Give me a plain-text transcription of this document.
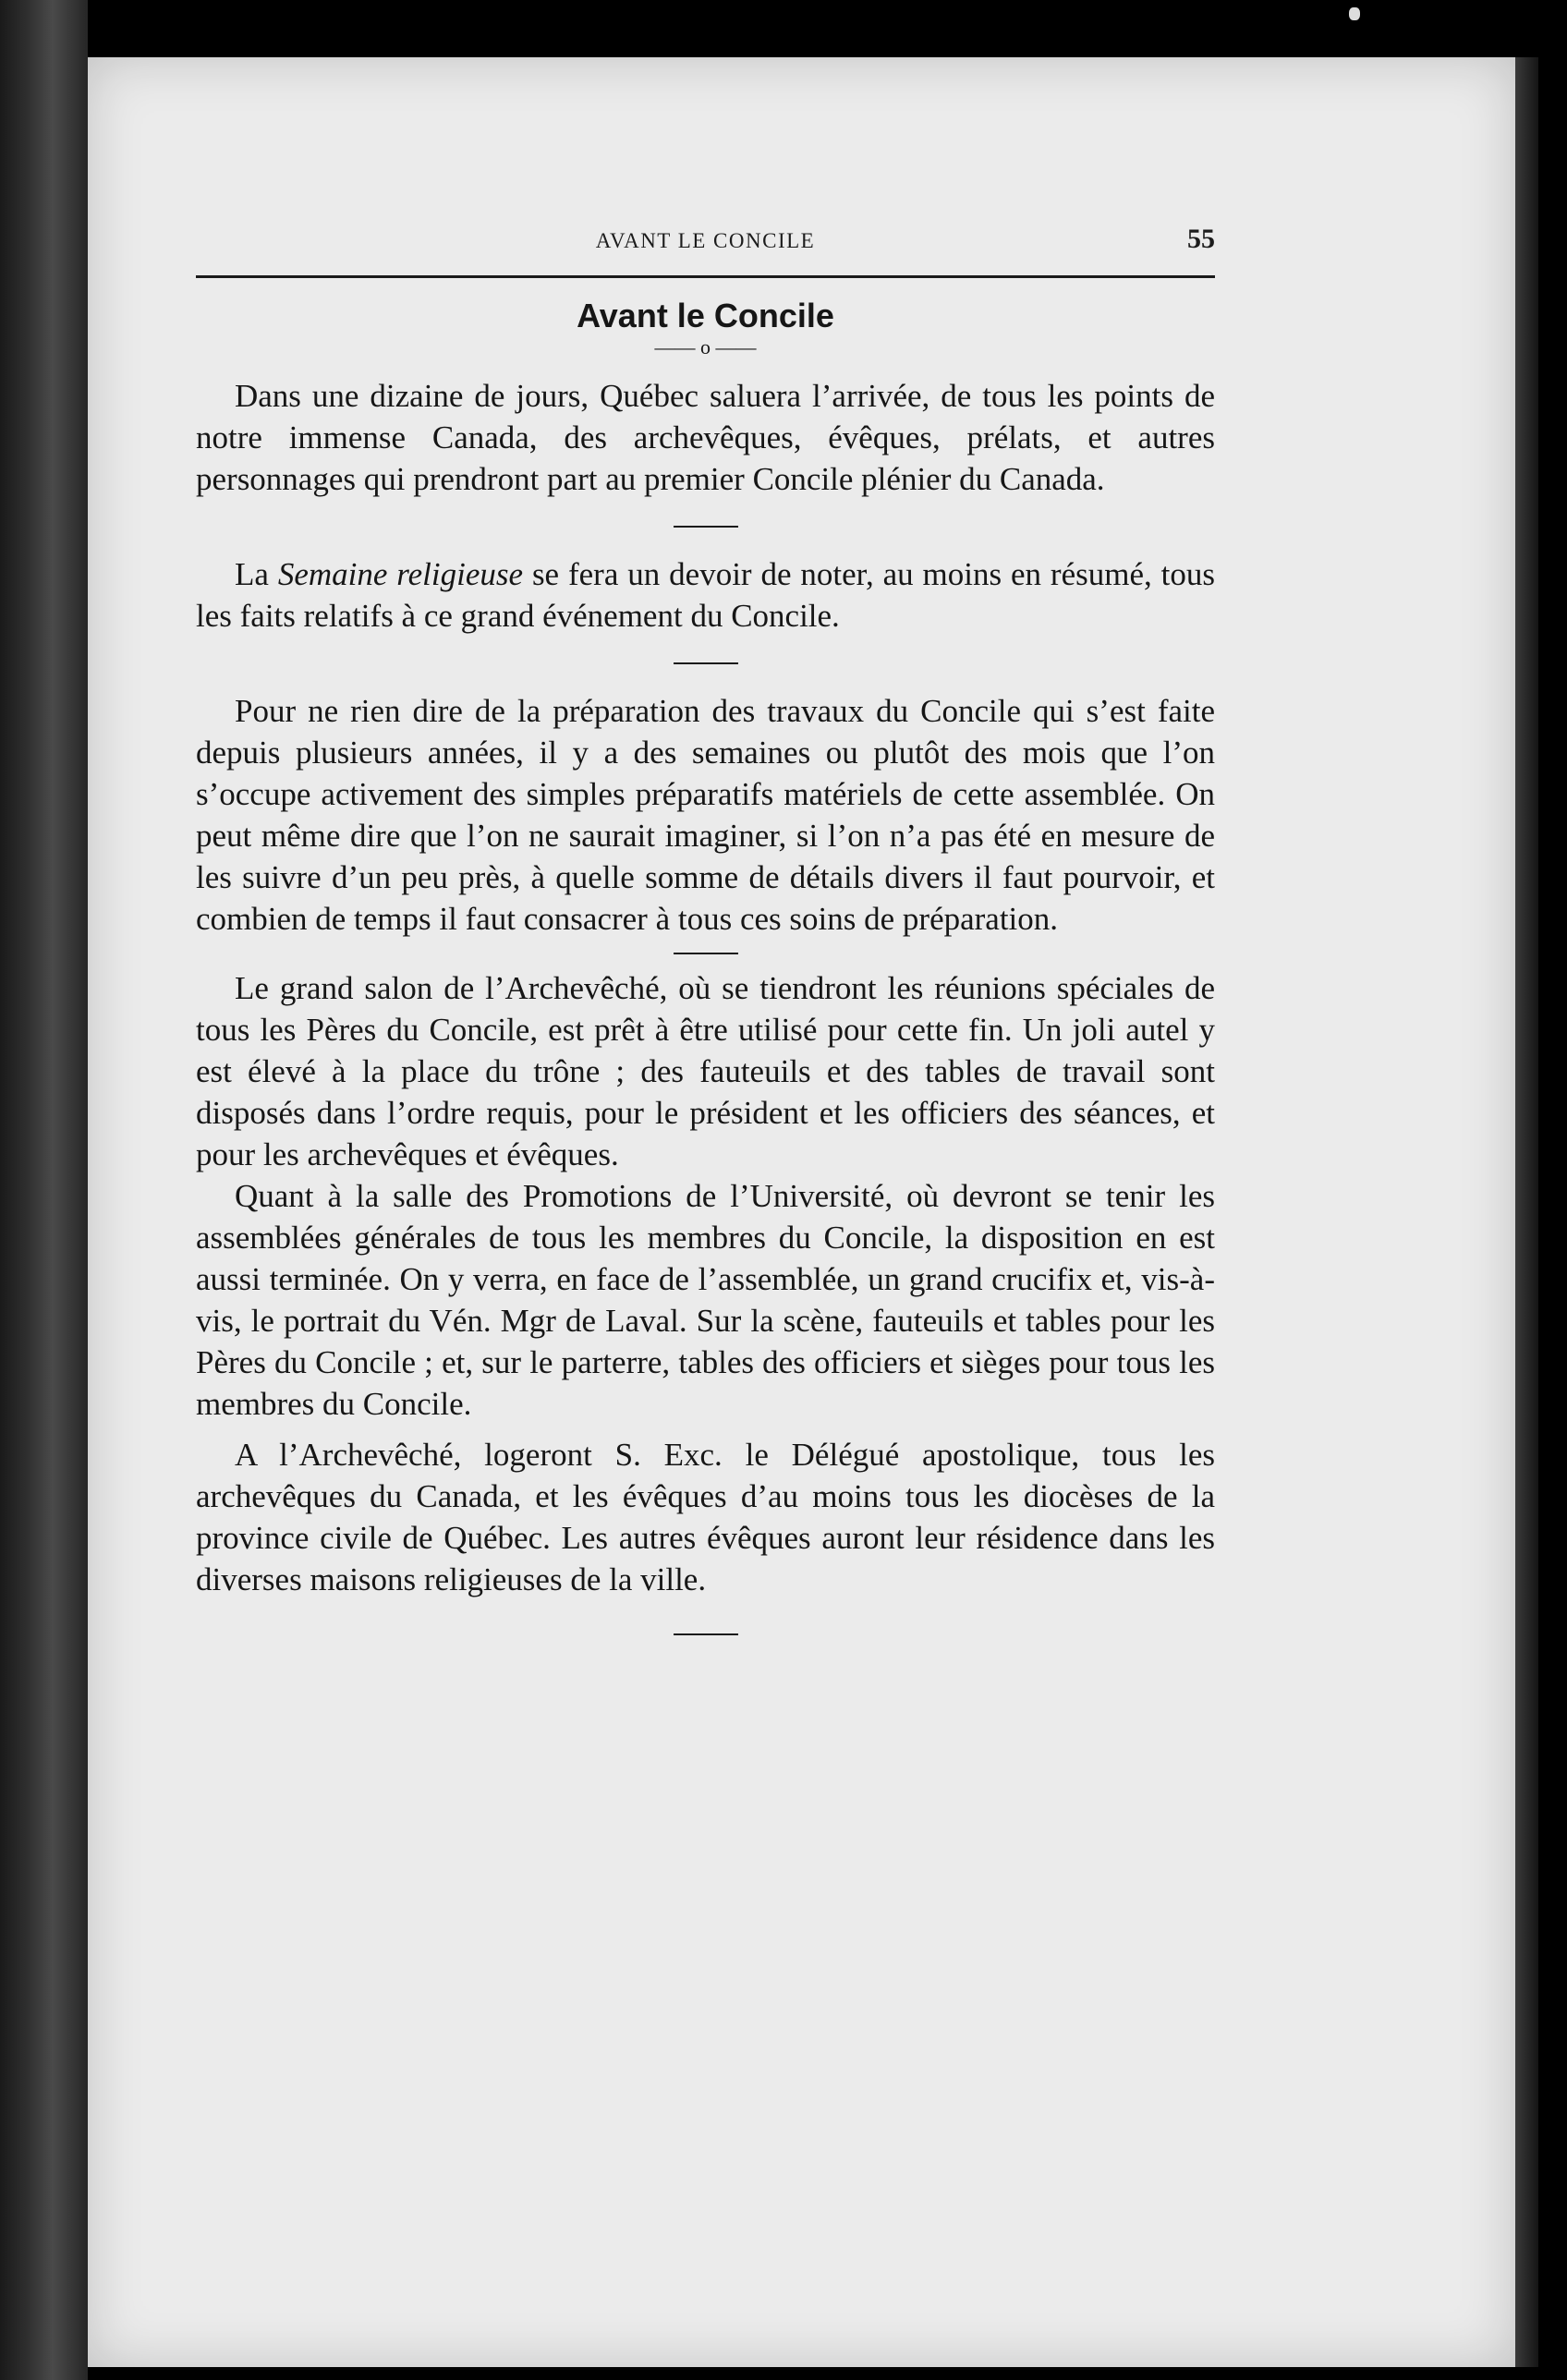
AVANT LE CONCILE	55
Avant le Concile
—— o ——

Dans une dizaine de jours, Québec saluera l’arrivée, de tous les points de notre immense Canada, des archevêques, évêques, prélats, et autres personnages qui prendront part au premier Concile plénier du Canada.

La Semaine religieuse se fera un devoir de noter, au moins en résumé, tous les faits relatifs à ce grand événement du Concile.

Pour ne rien dire de la préparation des travaux du Concile qui s’est faite depuis plusieurs années, il y a des semaines ou plutôt des mois que l’on s’occupe activement des simples préparatifs matériels de cette assemblée. On peut même dire que l’on ne saurait imaginer, si l’on n’a pas été en mesure de les suivre d’un peu près, à quelle somme de détails divers il faut pourvoir, et combien de temps il faut consacrer à tous ces soins de préparation.

Le grand salon de l’Archevêché, où se tiendront les réunions spéciales de tous les Pères du Concile, est prêt à être utilisé pour cette fin. Un joli autel y est élevé à la place du trône ; des fauteuils et des tables de travail sont disposés dans l’ordre requis, pour le président et les officiers des séances, et pour les archevêques et évêques.

Quant à la salle des Promotions de l’Université, où devront se tenir les assemblées générales de tous les membres du Concile, la disposition en est aussi terminée. On y verra, en face de l’assemblée, un grand crucifix et, vis-à-vis, le portrait du Vén. Mgr de Laval. Sur la scène, fauteuils et tables pour les Pères du Concile ; et, sur le parterre, tables des officiers et sièges pour tous les membres du Concile.

A l’Archevêché, logeront S. Exc. le Délégué apostolique, tous les archevêques du Canada, et les évêques d’au moins tous les diocèses de la province civile de Québec. Les autres évêques auront leur résidence dans les diverses maisons religieuses de la ville.
